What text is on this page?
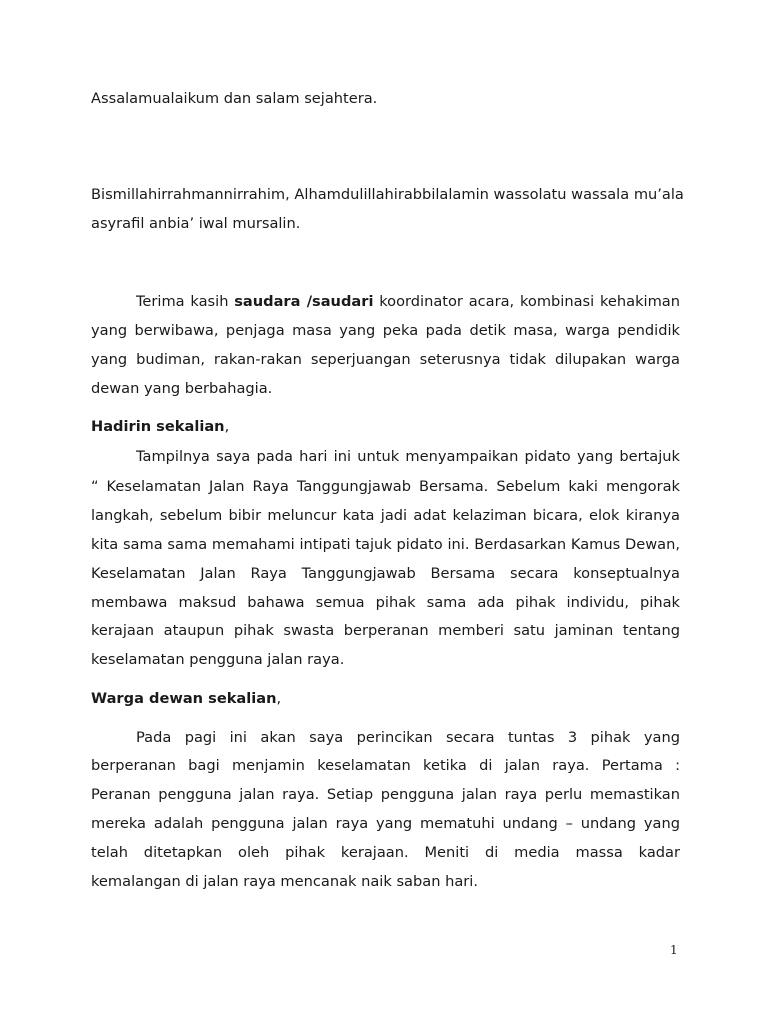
Assalamualaikum dan salam sejahtera.
Bismillahirrahmannirrahim, Alhamdulillahirabbilalamin wassolatu wassala mu’ala
asyrafil anbia’ iwal mursalin.
Terima kasih saudara /saudari koordinator acara, kombinasi kehakiman
yang berwibawa, penjaga masa yang peka pada detik masa, warga pendidik
yang budiman, rakan-rakan seperjuangan seterusnya tidak dilupakan warga
dewan yang berbahagia.
Hadirin sekalian,
Tampilnya saya pada hari ini untuk menyampaikan pidato yang bertajuk
“ Keselamatan Jalan Raya Tanggungjawab Bersama. Sebelum kaki mengorak
langkah, sebelum bibir meluncur kata jadi adat kelaziman bicara, elok kiranya
kita sama sama memahami intipati tajuk pidato ini. Berdasarkan Kamus Dewan,
Keselamatan Jalan Raya Tanggungjawab Bersama secara konseptualnya
membawa maksud bahawa semua pihak sama ada pihak individu, pihak
kerajaan ataupun pihak swasta berperanan memberi satu jaminan tentang
keselamatan pengguna jalan raya.
Warga dewan sekalian,
Pada pagi ini akan saya perincikan secara tuntas 3 pihak yang
berperanan bagi menjamin keselamatan ketika di jalan raya. Pertama :
Peranan pengguna jalan raya. Setiap pengguna jalan raya perlu memastikan
mereka adalah pengguna jalan raya yang mematuhi undang – undang yang
telah ditetapkan oleh pihak kerajaan. Meniti di media massa kadar
kemalangan di jalan raya mencanak naik saban hari.
1
